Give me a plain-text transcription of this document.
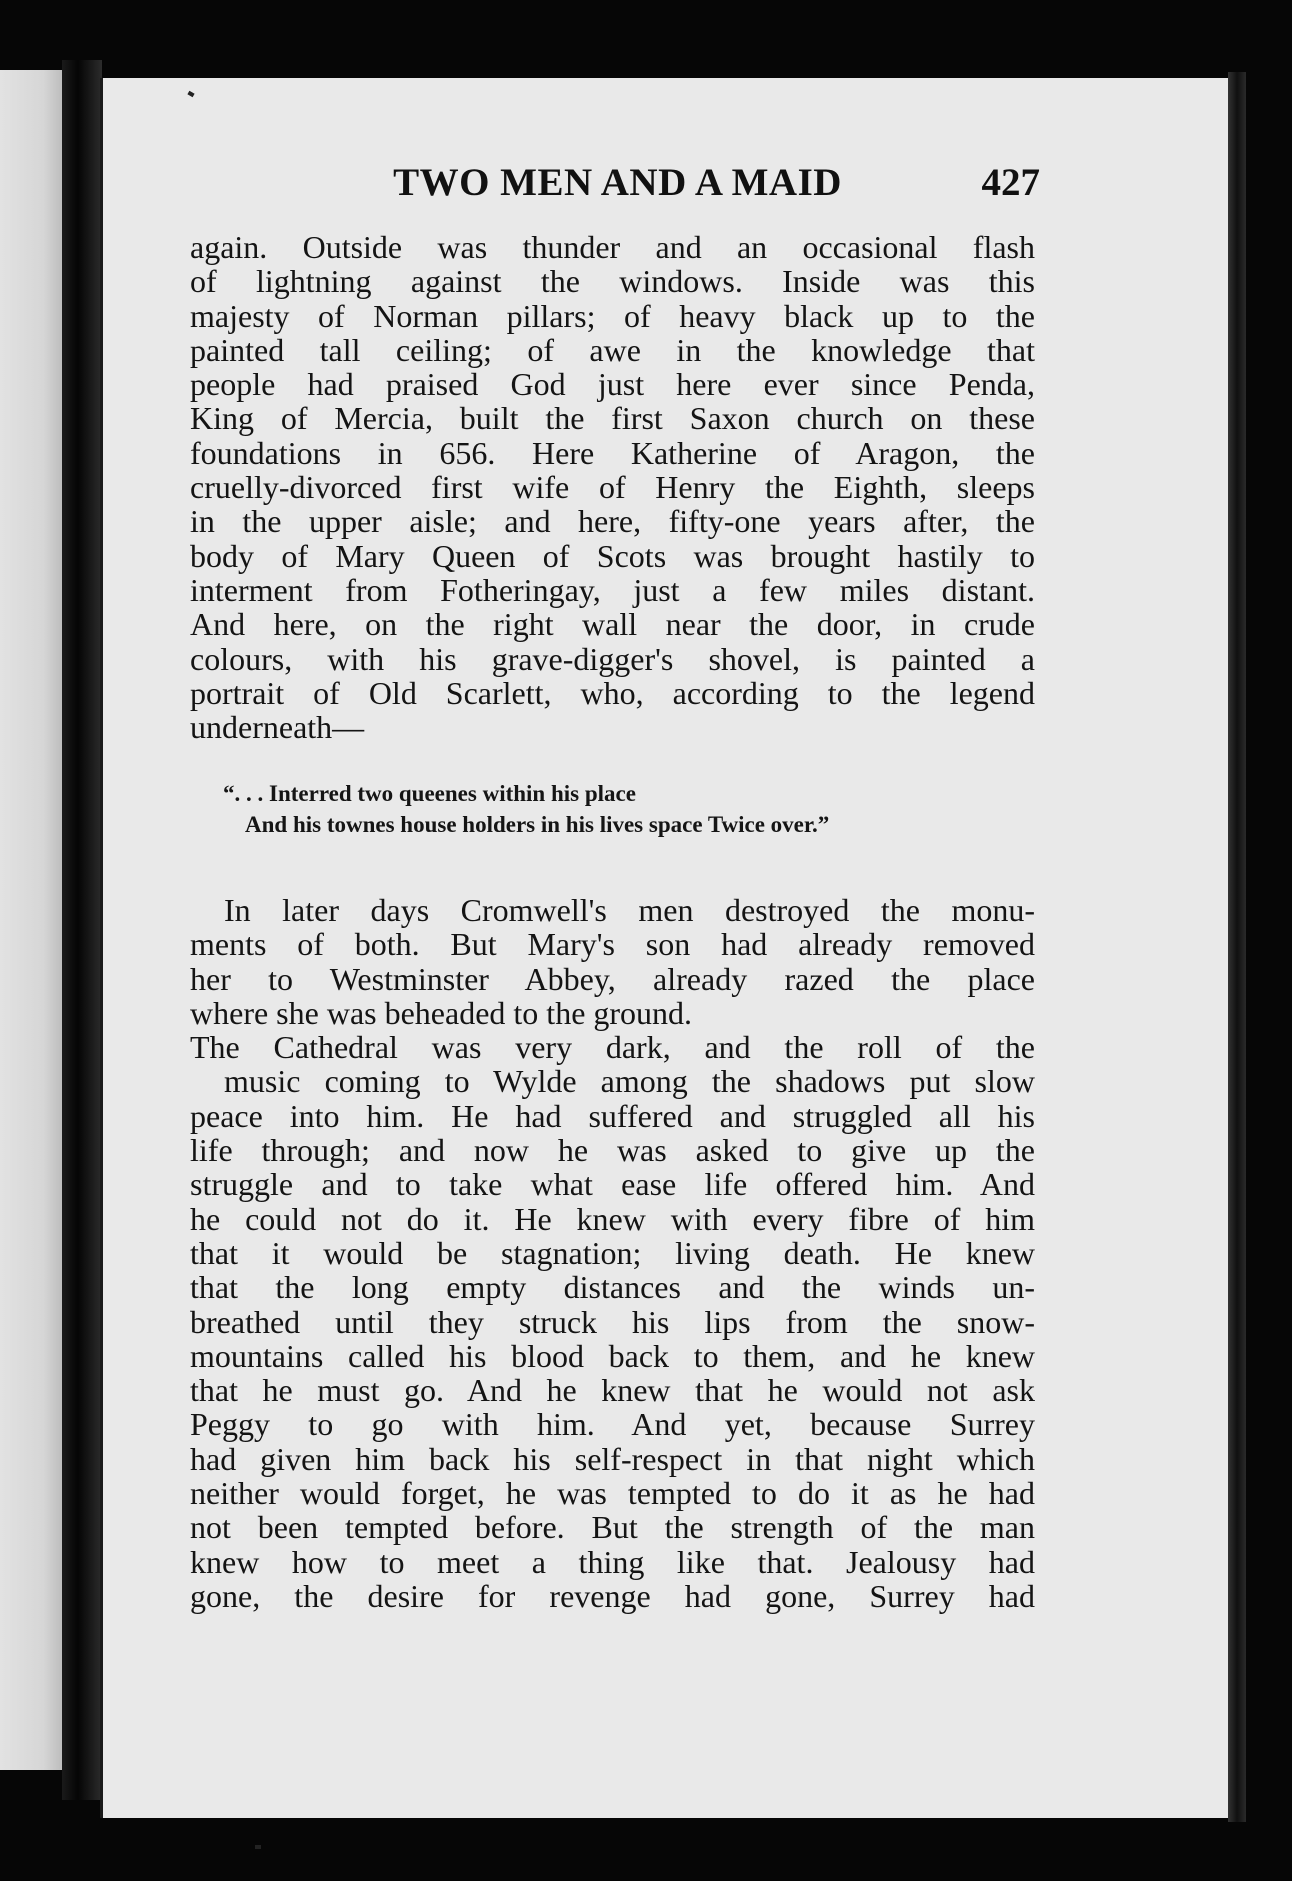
TWO MEN AND A MAID	427
again. Outside was thunder and an occasional flash
of lightning against the windows. Inside was this
majesty of Norman pillars; of heavy black up to the
painted tall ceiling; of awe in the knowledge that
people had praised God just here ever since Penda,
King of Mercia, built the first Saxon church on these
foundations in 656. Here Katherine of Aragon, the
cruelly-divorced first wife of Henry the Eighth, sleeps
in the upper aisle; and here, fifty-one years after, the
body of Mary Queen of Scots was brought hastily to
interment from Fotheringay, just a few miles distant.
And here, on the right wall near the door, in crude
colours, with his grave-digger's shovel, is painted a
portrait of Old Scarlett, who, according to the legend
underneath—
“. . . Interred two queenes within his place
And his townes house holders in his lives space Twice over.”
In later days Cromwell's men destroyed the monu-
ments of both. But Mary's son had already removed
her to Westminster Abbey, already razed the place
where she was beheaded to the ground.
The Cathedral was very dark, and the roll of the
music coming to Wylde among the shadows put slow
peace into him. He had suffered and struggled all his
life through; and now he was asked to give up the
struggle and to take what ease life offered him. And
he could not do it. He knew with every fibre of him
that it would be stagnation; living death. He knew
that the long empty distances and the winds un-
breathed until they struck his lips from the snow-
mountains called his blood back to them, and he knew
that he must go. And he knew that he would not ask
Peggy to go with him. And yet, because Surrey
had given him back his self-respect in that night which
neither would forget, he was tempted to do it as he had
not been tempted before. But the strength of the man
knew how to meet a thing like that. Jealousy had
gone, the desire for revenge had gone, Surrey had
